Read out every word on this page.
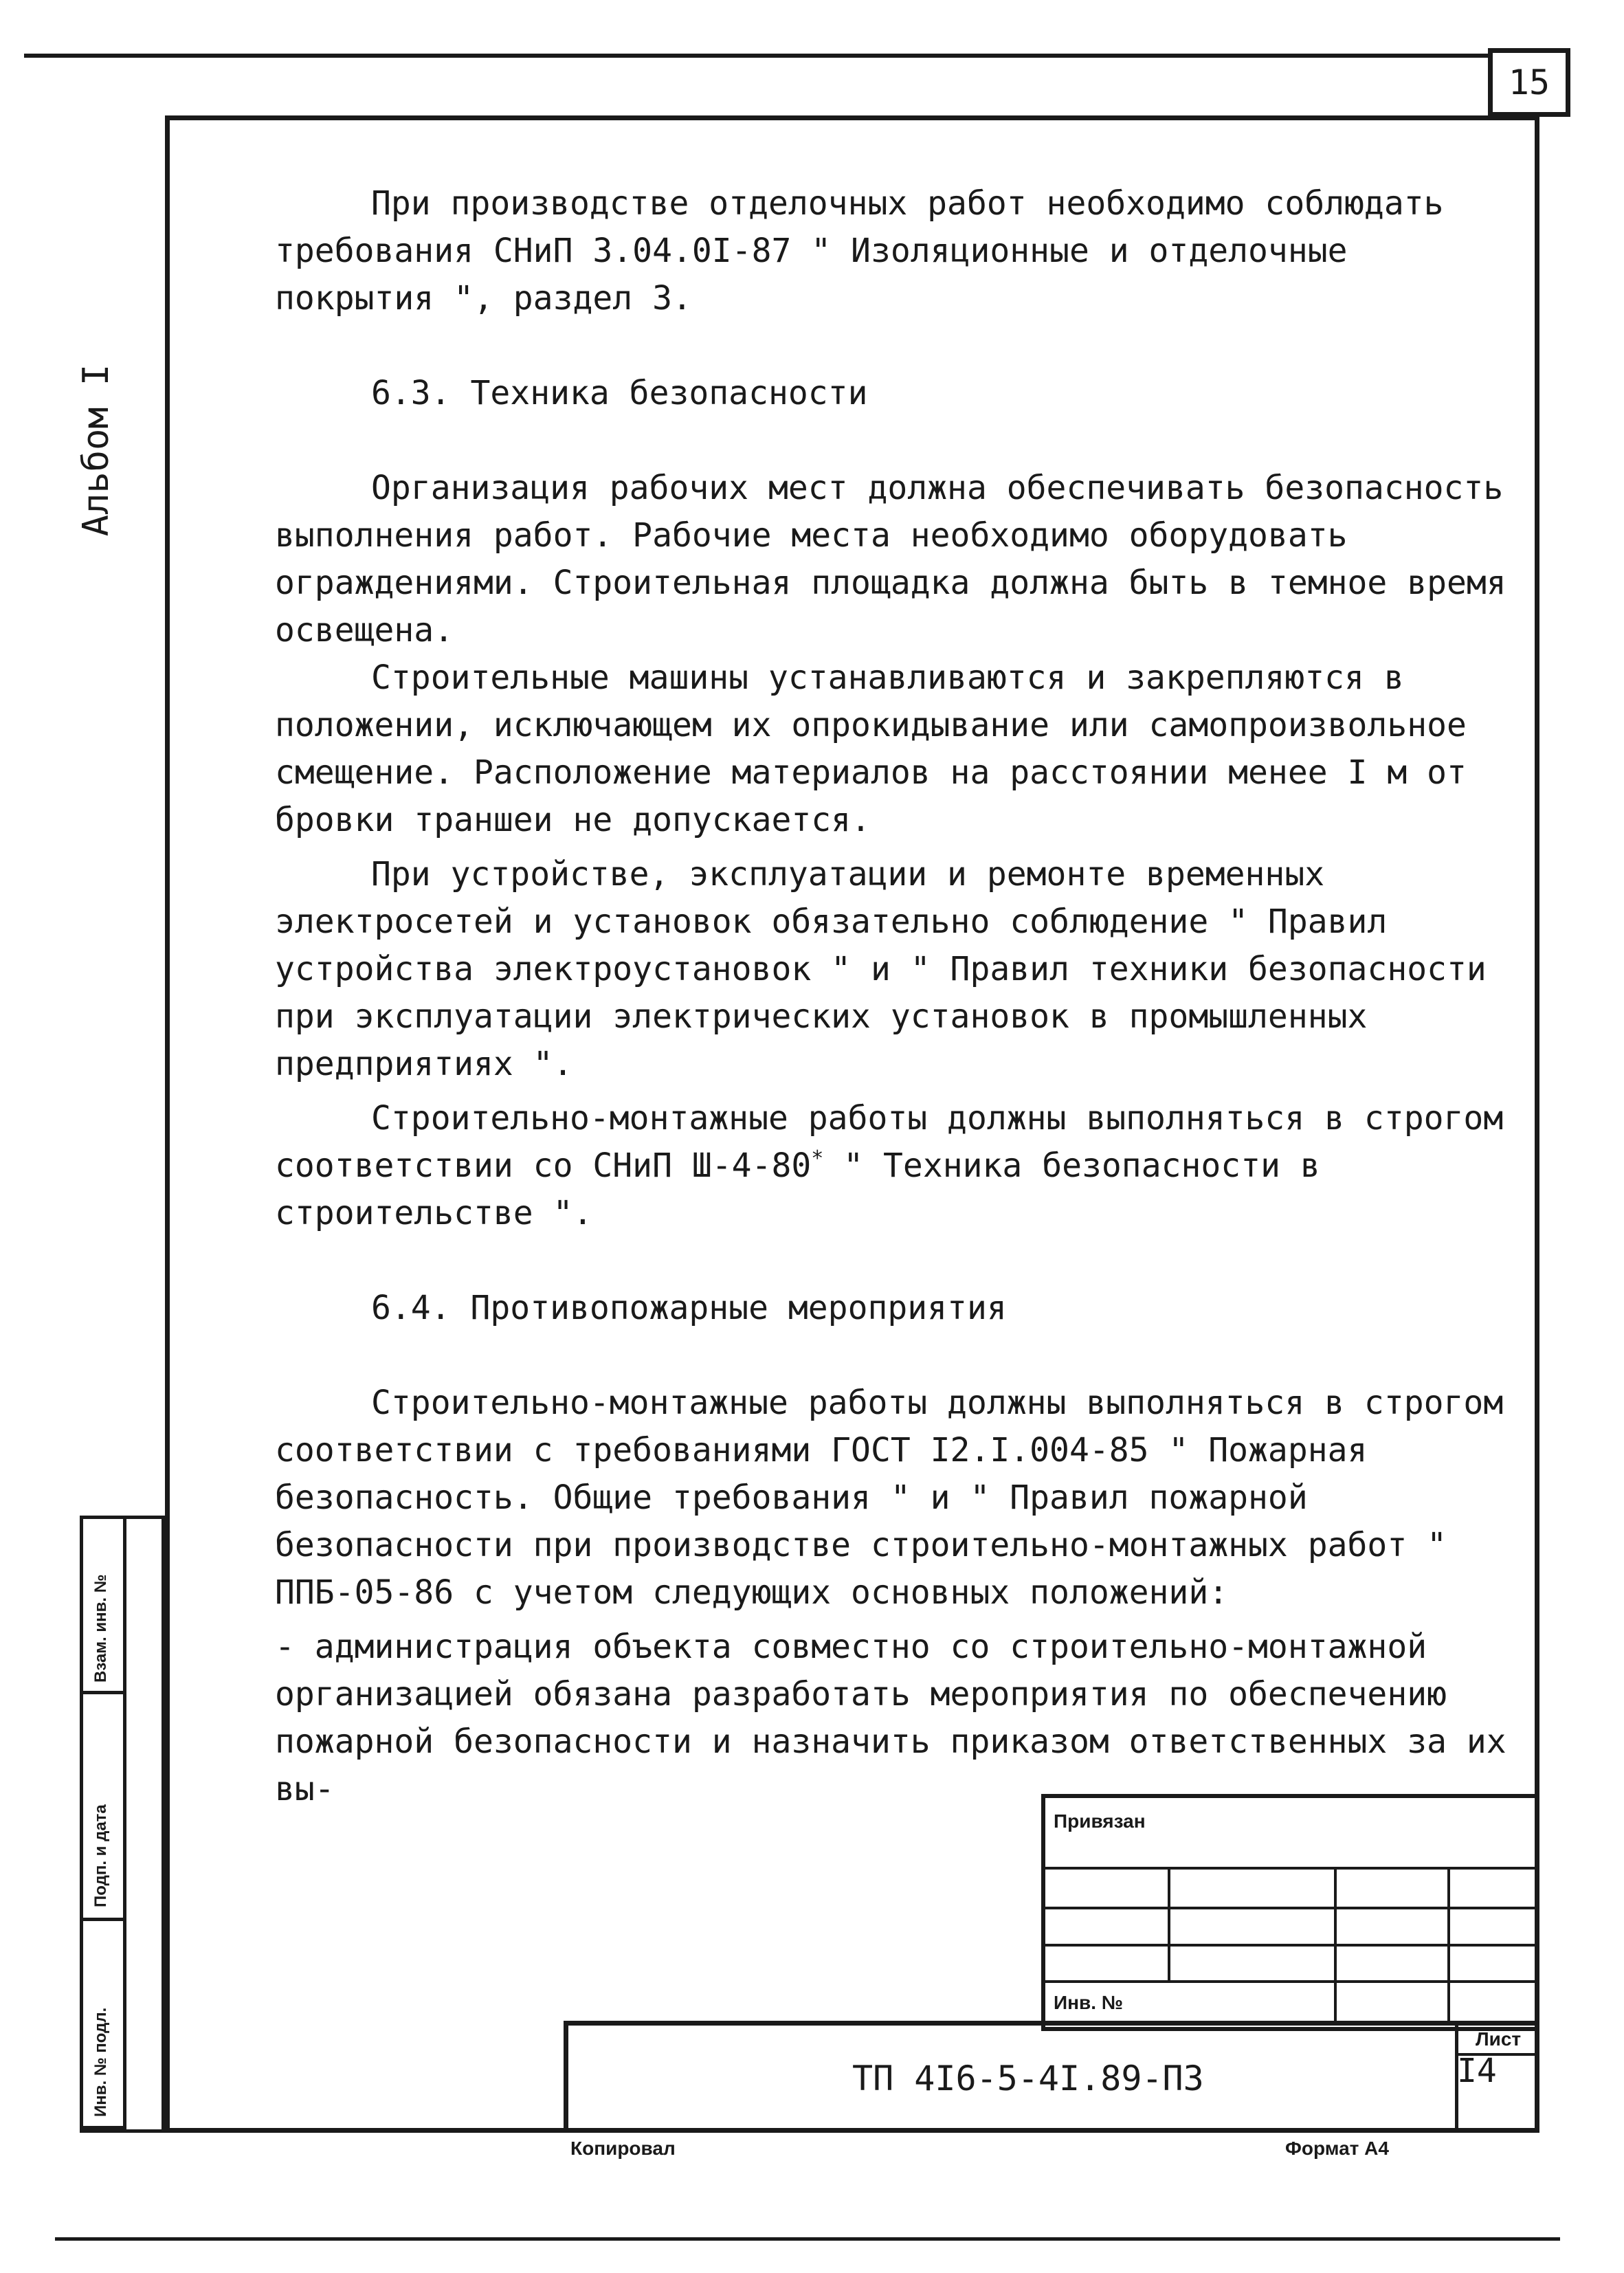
15
Альбом I
Взам. инв. №
Подп. и дата
Инв. № подл.

При производстве отделочных работ необходимо соблюдать требования СНиП 3.04.0I-87 " Изоляционные и отделочные покрытия ", раздел 3.

6.3. Техника безопасности

Организация рабочих мест должна обеспечивать безопасность выполнения работ. Рабочие места необходимо оборудовать ограждениями. Строительная площадка должна быть в темное время освещена.

Строительные машины устанавливаются и закрепляются в положении, исключающем их опрокидывание или самопроизвольное смещение. Расположение материалов на расстоянии менее I м от бровки траншеи не допускается.

При устройстве, эксплуатации и ремонте временных электросетей и установок обязательно соблюдение " Правил устройства электроустановок " и " Правил техники безопасности при эксплуатации электрических установок в промышленных предприятиях ".

Строительно-монтажные работы должны выполняться в строгом соответствии со СНиП Ш-4-80* " Техника безопасности в строительстве ".

6.4. Противопожарные мероприятия

Строительно-монтажные работы должны выполняться в строгом соответствии с требованиями ГОСТ I2.I.004-85 " Пожарная безопасность. Общие требования " и " Правил пожарной безопасности при производстве строительно-монтажных работ " ППБ-05-86 с учетом следующих основных положений:

- администрация объекта совместно со строительно-монтажной организацией обязана разработать мероприятия по обеспечению пожарной безопасности и назначить приказом ответственных за их вы-

Привязан
Инв. №
Лист
ТП 4I6-5-4I.89-ПЗ	I4
Копировал	Формат А4
